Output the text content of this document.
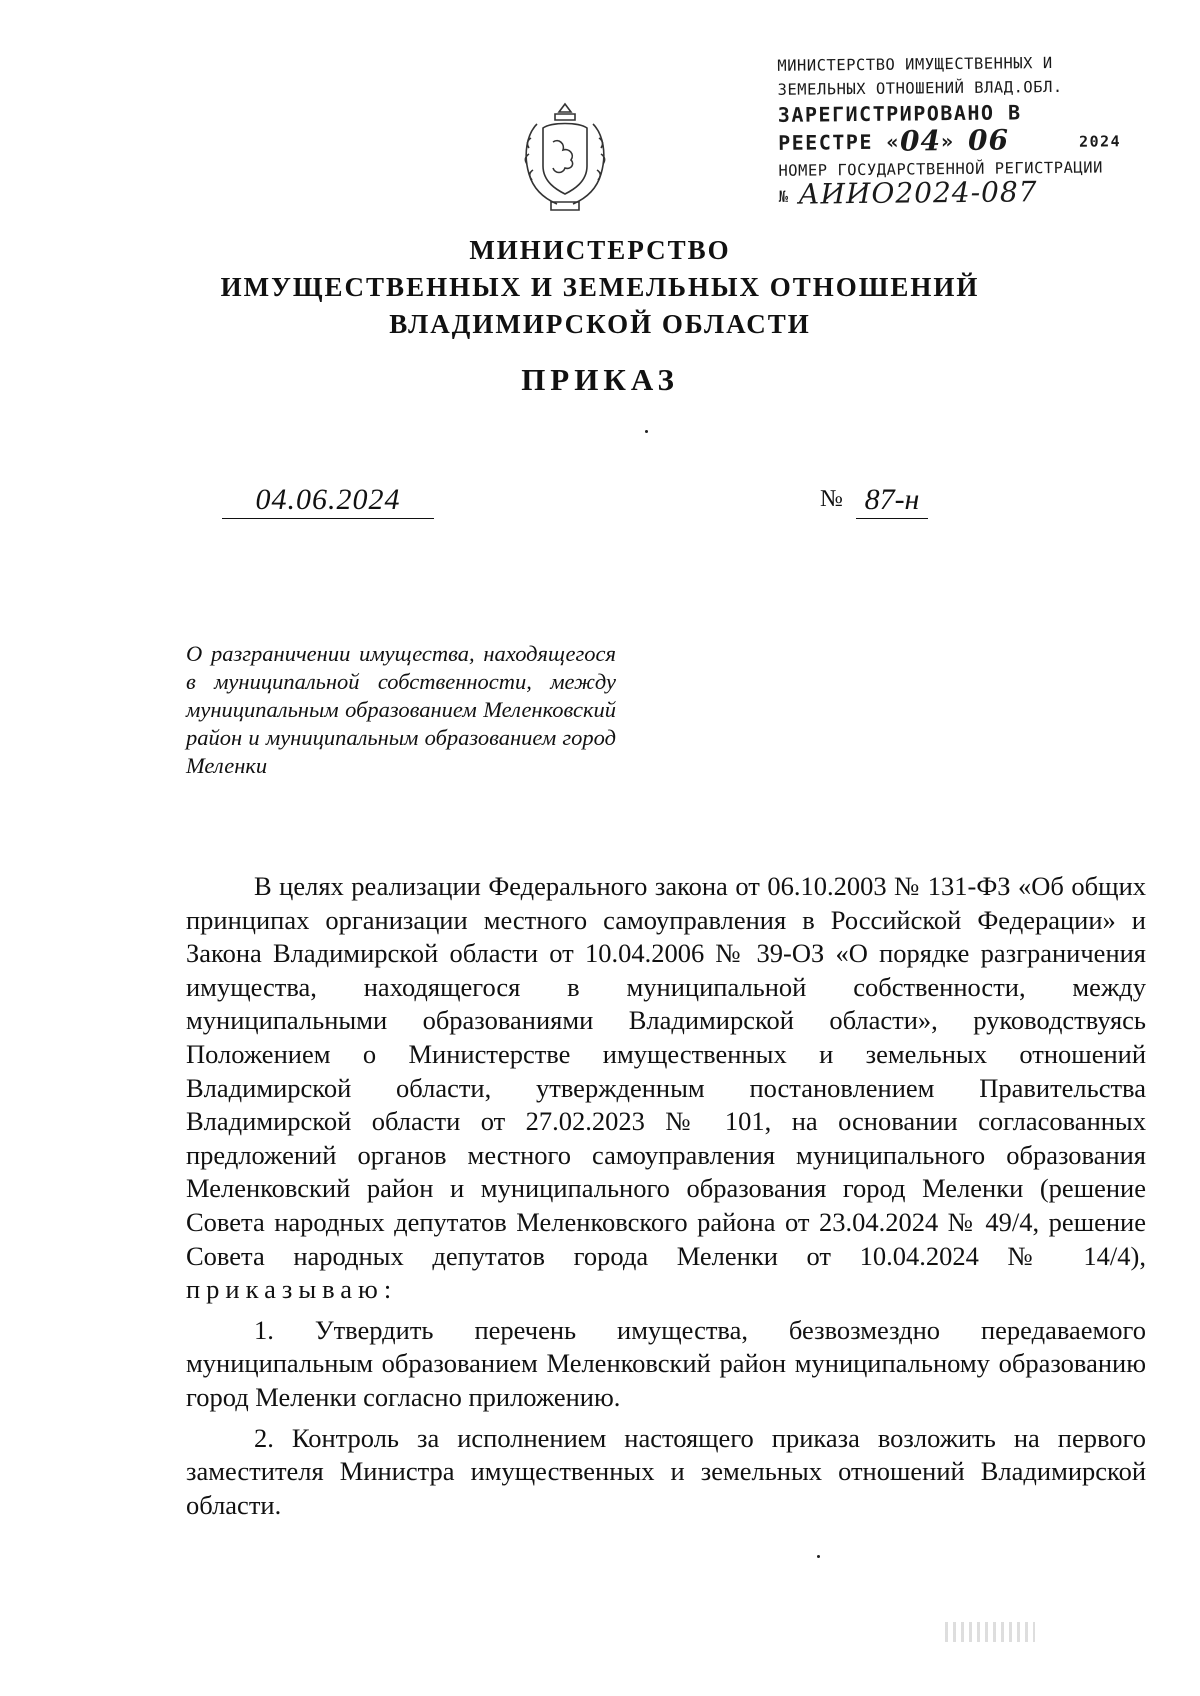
МИНИСТЕРСТВО ИМУЩЕСТВЕННЫХ И
ЗЕМЕЛЬНЫХ ОТНОШЕНИЙ ВЛАД.ОБЛ.
ЗАРЕГИСТРИРОВАНО В
РЕЕСТРЕ «04» 06	2024
НОМЕР ГОСУДАРСТВЕННОЙ РЕГИСТРАЦИИ
№ АИИО2024-087
МИНИСТЕРСТВО
ИМУЩЕСТВЕННЫХ И ЗЕМЕЛЬНЫХ ОТНОШЕНИЙ
ВЛАДИМИРСКОЙ ОБЛАСТИ
ПРИКАЗ
04.06.2024	№ 87-н
О разграничении имущества, находящегося в муниципальной собственности, между муниципальным образованием Меленковский район и муниципальным образованием город Меленки

В целях реализации Федерального закона от 06.10.2003 № 131-ФЗ «Об общих принципах организации местного самоуправления в Российской Федерации» и Закона Владимирской области от 10.04.2006 № 39-ОЗ «О порядке разграничения имущества, находящегося в муниципальной собственности, между муниципальными образованиями Владимирской области», руководствуясь Положением о Министерстве имущественных и земельных отношений Владимирской области, утвержденным постановлением Правительства Владимирской области от 27.02.2023 № 101, на основании согласованных предложений органов местного самоуправления муниципального образования Меленковский район и муниципального образования город Меленки (решение Совета народных депутатов Меленковского района от 23.04.2024 № 49/4, решение Совета народных депутатов города Меленки от 10.04.2024 № 14/4), приказываю:

1. Утвердить перечень имущества, безвозмездно передаваемого муниципальным образованием Меленковский район муниципальному образованию город Меленки согласно приложению.

2. Контроль за исполнением настоящего приказа возложить на первого заместителя Министра имущественных и земельных отношений Владимирской области.
